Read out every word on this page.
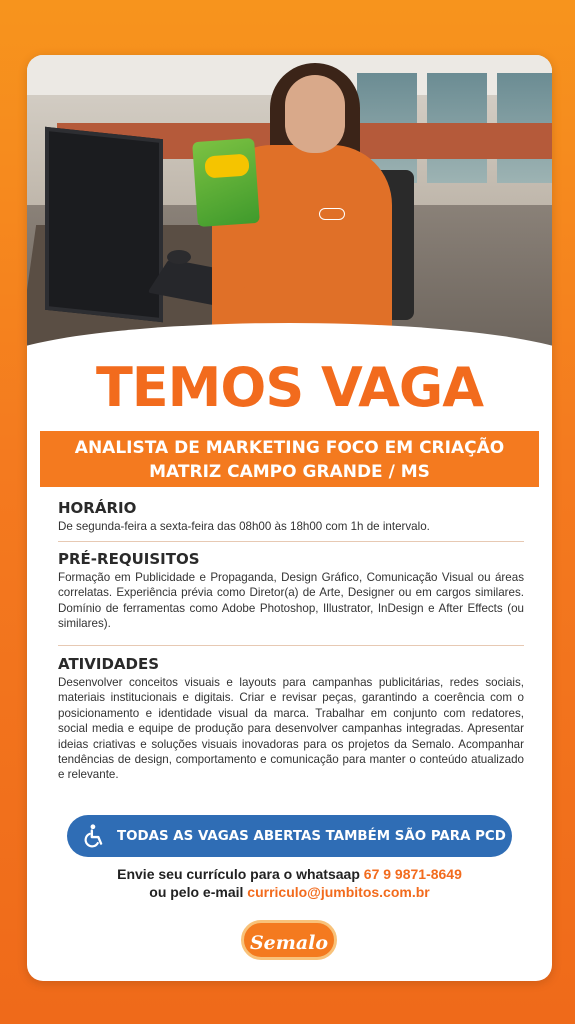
TEMOS VAGA
ANALISTA DE MARKETING FOCO EM CRIAÇÃO
MATRIZ CAMPO GRANDE / MS

HORÁRIO

De segunda-feira a sexta-feira das 08h00 às 18h00 com 1h de intervalo.

PRÉ-REQUISITOS

Formação em Publicidade e Propaganda, Design Gráfico, Comunicação Visual ou áreas correlatas. Experiência prévia como Diretor(a) de Arte, Designer ou em cargos similares. Domínio de ferramentas como Adobe Photoshop, Illustrator, InDesign e After Effects (ou similares).

ATIVIDADES

Desenvolver conceitos visuais e layouts para campanhas publicitárias, redes sociais, materiais institucionais e digitais. Criar e revisar peças, garantindo a coerência com o posicionamento e identidade visual da marca. Trabalhar em conjunto com redatores, social media e equipe de produção para desenvolver campanhas integradas. Apresentar ideias criativas e soluções visuais inovadoras para os projetos da Semalo. Acompanhar tendências de design, comportamento e comunicação para manter o conteúdo atualizado e relevante.

TODAS AS VAGAS ABERTAS TAMBÉM SÃO PARA PCD
Envie seu currículo para o whatsaap 67 9 9871-8649
ou pelo e-mail curriculo@jumbitos.com.br
Semalo
